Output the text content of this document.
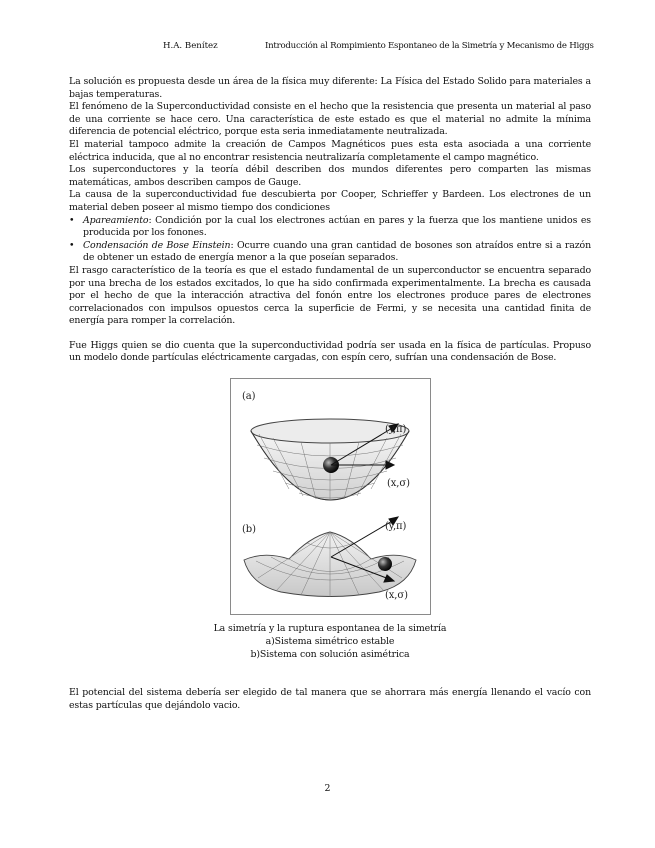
H.A. Benítez	Introducción al Rompimiento Espontaneo de la Simetría y Mecanismo de Higgs

La solución es propuesta desde un área de la física muy diferente: La Física del Estado Solido para materiales a bajas temperaturas.

El fenómeno de la Superconductividad consiste en el hecho que la resistencia que presenta un material al paso de una corriente se hace cero. Una característica de este estado es que el material no admite la mínima diferencia de potencial eléctrico, porque esta seria inmediatamente neutralizada.

El material tampoco admite la creación de Campos Magnéticos pues esta esta asociada a una corriente eléctrica inducida, que al no encontrar resistencia neutralizaría completamente el campo magnético.

Los superconductores y la teoría débil describen dos mundos diferentes pero comparten las mismas matemáticas, ambos describen campos de Gauge.

La causa de la superconductividad fue descubierta por Cooper, Schrieffer y Bardeen. Los electrones de un material deben poseer al mismo tiempo dos condiciones

• Apareamiento: Condición por la cual los electrones actúan en pares y la fuerza que los mantiene unidos es producida por los fonones.
• Condensación de Bose Einstein: Ocurre cuando una gran cantidad de bosones son atraídos entre si a razón de obtener un estado de energía menor a la que poseían separados.

El rasgo característico de la teoría es que el estado fundamental de un superconductor se encuentra separado por una brecha de los estados excitados, lo que ha sido confirmada experimentalmente. La brecha es causada por el hecho de que la interacción atractiva del fonón entre los electrones produce pares de electrones correlacionados con impulsos opuestos cerca la superficie de Fermi, y se necesita una cantidad finita de energía para romper la correlación.

Fue Higgs quien se dio cuenta que la superconductividad podría ser usada en la física de partículas. Propuso un modelo donde partículas eléctricamente cargadas, con espín cero, sufrían una condensación de Bose.

(a)
(y,π)
(x,σ)
(b)	(y,π)
(x,σ)
La simetría y la ruptura espontanea de la simetría
a)Sistema simétrico estable
b)Sistema con solución asimétrica

El potencial del sistema debería ser elegido de tal manera que se ahorrara más energía llenando el vacío con estas partículas que dejándolo vacio.

2
